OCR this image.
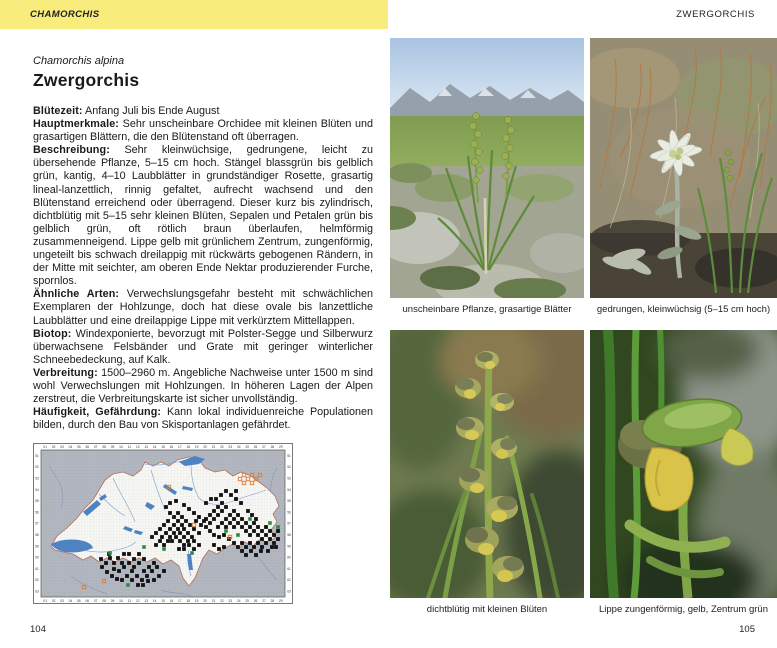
CHAMORCHIS	ZWERGORCHIS
Chamorchis alpina
Zwergorchis

Blütezeit: Anfang Juli bis Ende August

Hauptmerkmale: Sehr unscheinbare Orchidee mit kleinen Blüten und grasartigen Blättern, die den Blütenstand oft überragen.

Beschreibung: Sehr kleinwüchsige, gedrungene, leicht zu übersehende Pflanze, 5–15 cm hoch. Stängel blassgrün bis gelblich grün, kantig, 4–10 Laubblätter in grundständiger Rosette, grasartig lineal-lanzettlich, rinnig gefaltet, aufrecht wachsend und den Blütenstand erreichend oder überragend. Dieser kurz bis zylindrisch, dichtblütig mit 5–15 sehr kleinen Blüten, Sepalen und Petalen grün bis gelblich grün, oft rötlich braun überlaufen, helmförmig zusammenneigend. Lippe gelb mit grünlichem Zentrum, zungenförmig, ungeteilt bis schwach dreilappig mit rückwärts gebogenen Rändern, in der Mitte mit seichter, am oberen Ende Nektar produzierender Furche, spornlos.

Ähnliche Arten: Verwechslungsgefahr besteht mit schwächlichen Exemplaren der Hohlzunge, doch hat diese ovale bis lanzettliche Laubblätter und eine dreilappige Lippe mit verkürztem Mittellappen.

Biotop: Windexponierte, bevorzugt mit Polster-Segge und Silberwurz überwachsene Felsbänder und Grate mit geringer winterlicher Schneebedeckung, auf Kalk.

Verbreitung: 1500–2960 m. Angebliche Nachweise unter 1500 m sind wohl Verwechslungen mit Hohlzungen. In höheren Lagen der Alpen zerstreut, die Verbreitungskarte ist sicher unvollständig.

Häufigkeit, Gefährdung: Kann lokal individuenreiche Populationen bilden, durch den Bau von Skisportanlagen gefährdet.

01
01
02
02
03
03
04
04
05
05
06
06
07
07
08
08
09
09
10
10
11
11
12
12
13
13
14
14
15
15
16
16
17
17
18
18
19
19
20
20
21
21
22
22
23
23
24
24
25
25
26
26
27
27
28
28
29
29
51	51
52	52
53	53
54	54
55	55
56	56
57	57
58	58
59	59
60	60
61	61
62	62
63	63
unscheinbare Pflanze, grasartige Blätter	gedrungen, kleinwüchsig (5–15 cm hoch)
dichtblütig mit kleinen Blüten	Lippe zungenförmig, gelb, Zentrum grün
104	105
